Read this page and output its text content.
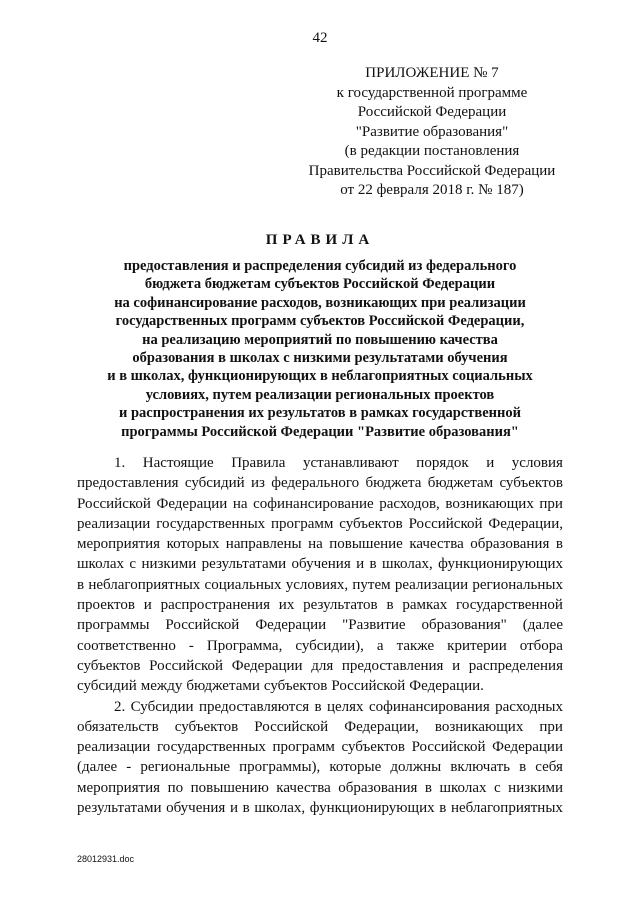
42
ПРИЛОЖЕНИЕ № 7
к государственной программе
Российской Федерации
"Развитие образования"
(в редакции постановления
Правительства Российской Федерации
от 22 февраля 2018 г. № 187)
ПРАВИЛА
предоставления и распределения субсидий из федерального
бюджета бюджетам субъектов Российской Федерации
на софинансирование расходов, возникающих при реализации
государственных программ субъектов Российской Федерации,
на реализацию мероприятий по повышению качества
образования в школах с низкими результатами обучения
и в школах, функционирующих в неблагоприятных социальных
условиях, путем реализации региональных проектов
и распространения их результатов в рамках государственной
программы Российской Федерации "Развитие образования"
1. Настоящие Правила устанавливают порядок и условия
предоставления субсидий из федерального бюджета бюджетам субъектов
Российской Федерации на софинансирование расходов, возникающих при
реализации государственных программ субъектов Российской Федерации,
мероприятия которых направлены на повышение качества образования в
школах с низкими результатами обучения и в школах, функционирующих
в неблагоприятных социальных условиях, путем реализации региональных
проектов и распространения их результатов в рамках государственной
программы Российской Федерации "Развитие образования" (далее
соответственно - Программа, субсидии), а также критерии отбора
субъектов Российской Федерации для предоставления и распределения
субсидий между бюджетами субъектов Российской Федерации.
2. Субсидии предоставляются в целях софинансирования расходных
обязательств субъектов Российской Федерации, возникающих при
реализации государственных программ субъектов Российской Федерации
(далее - региональные программы), которые должны включать в себя
мероприятия по повышению качества образования в школах с низкими
результатами обучения и в школах, функционирующих в неблагоприятных
28012931.doc
